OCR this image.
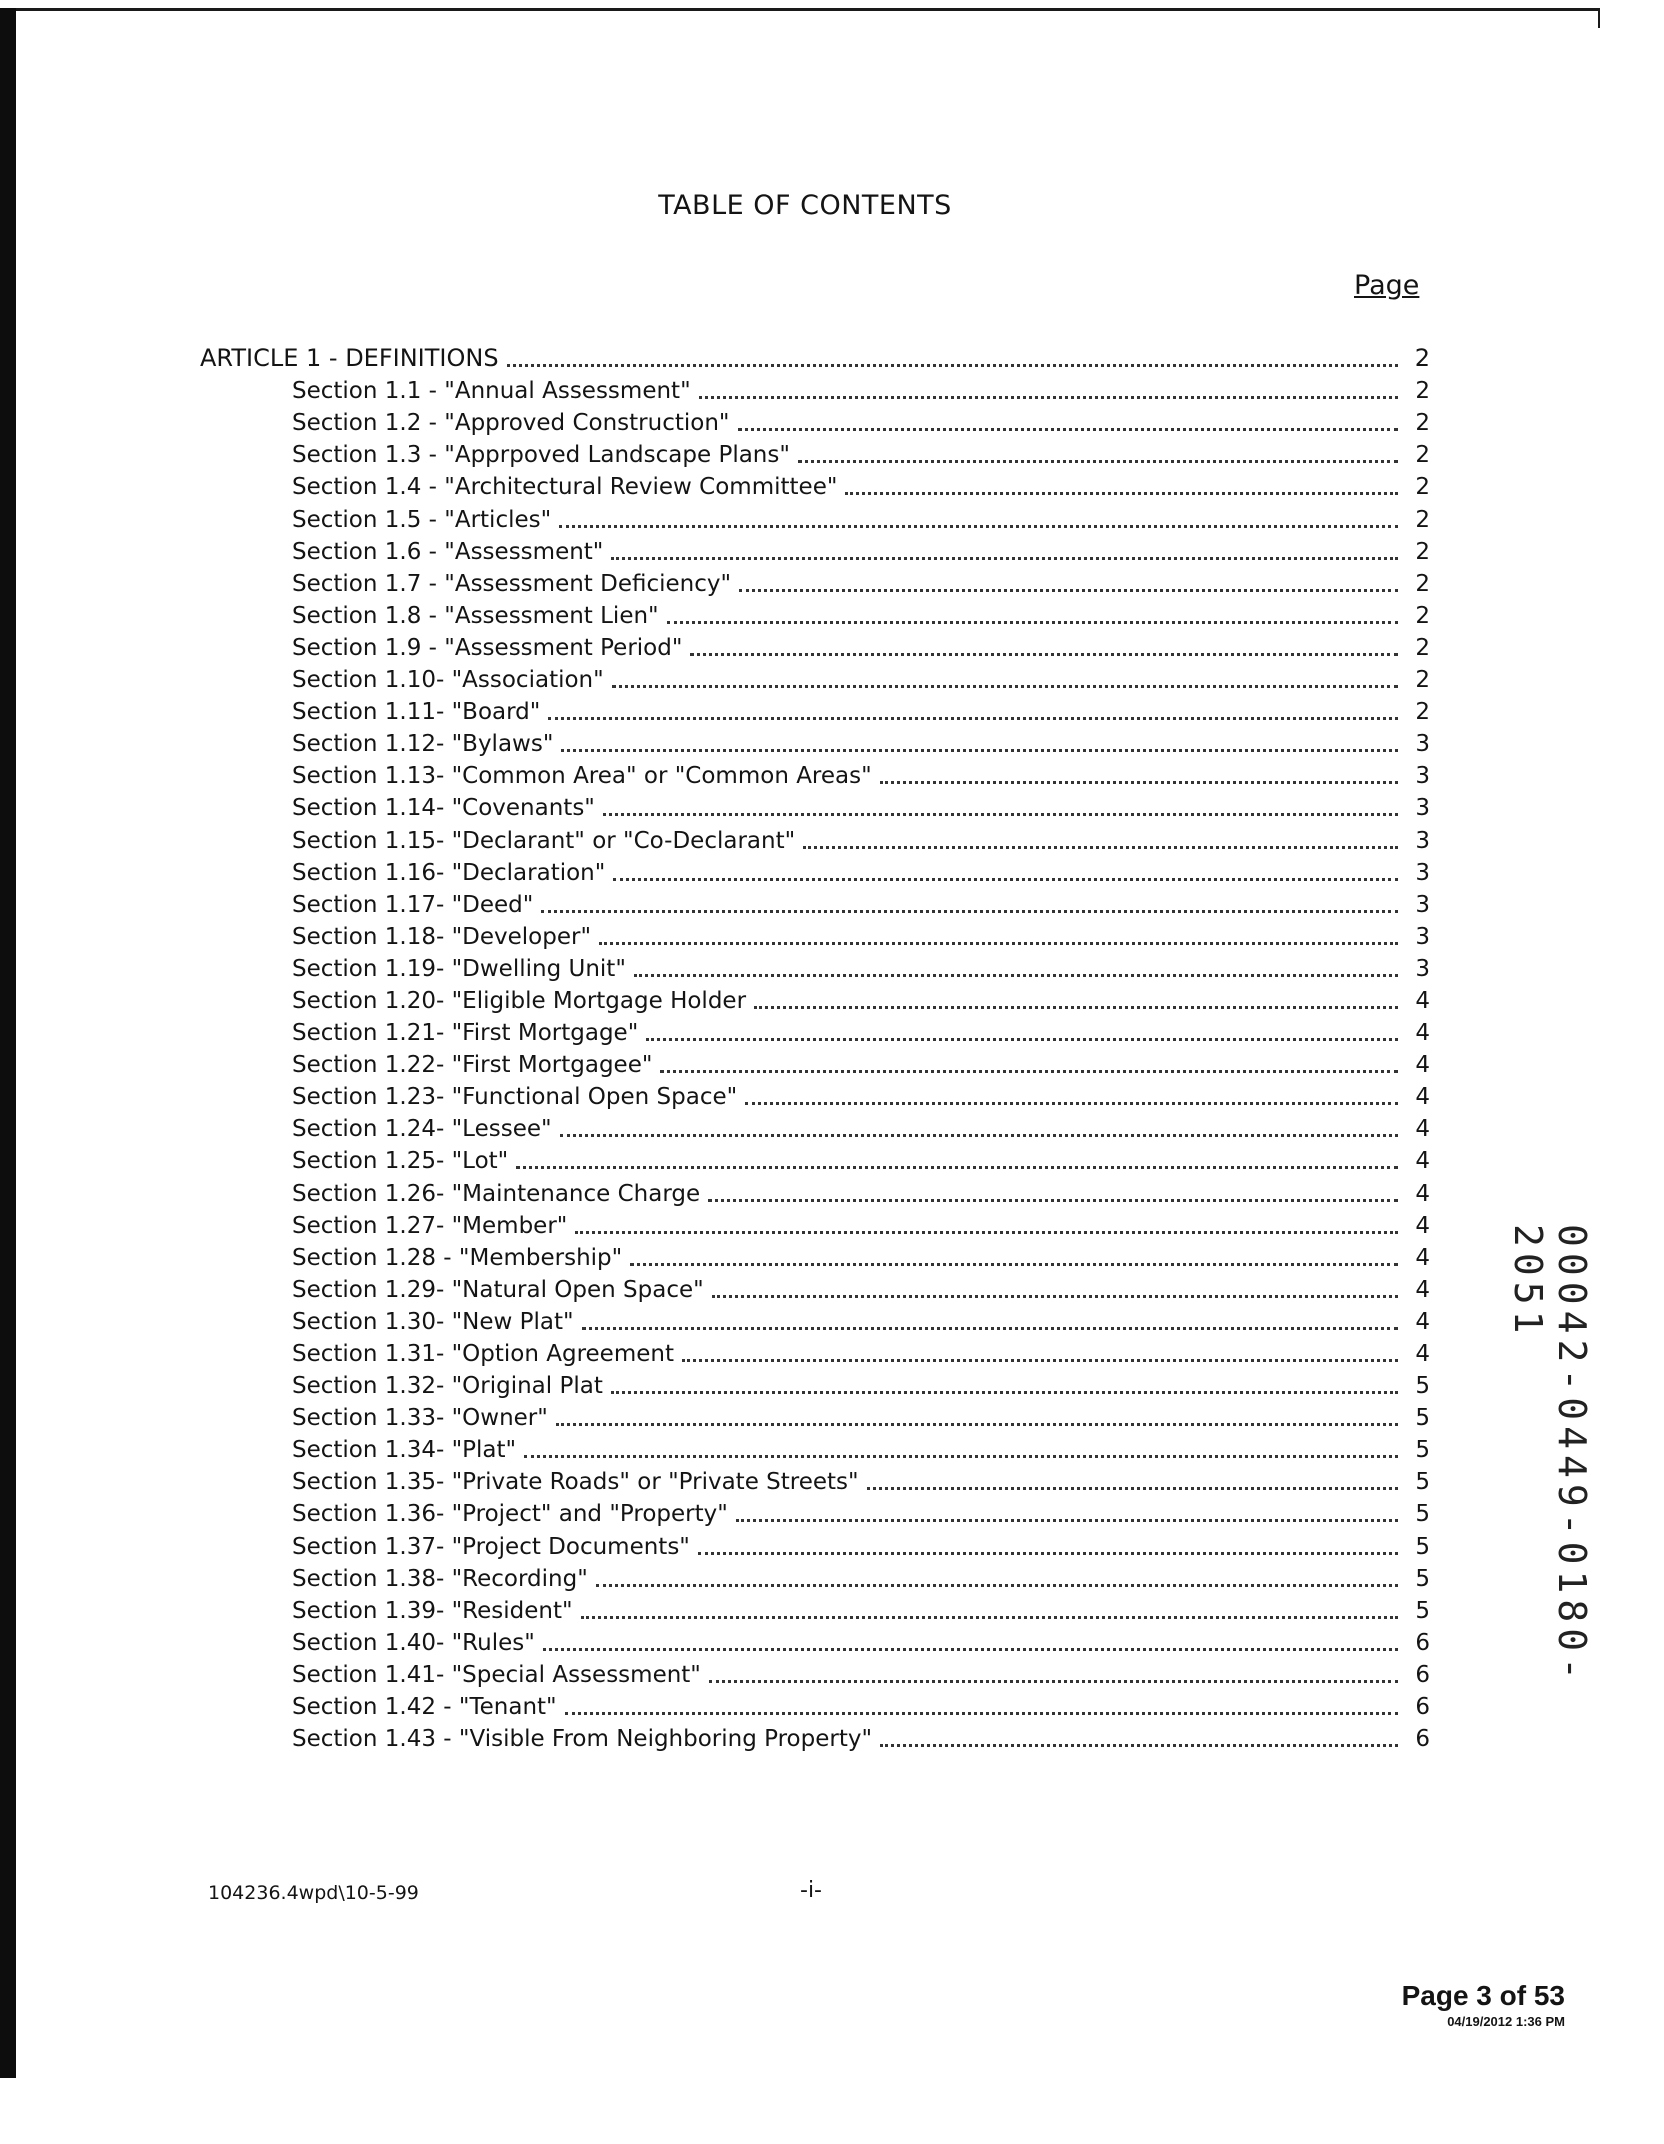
TABLE OF CONTENTS
Page
ARTICLE 1 - DEFINITIONS	2
Section 1.1 - "Annual Assessment"	2
Section 1.2 - "Approved Construction"	2
Section 1.3 - "Apprpoved Landscape Plans"	2
Section 1.4 - "Architectural Review Committee"	2
Section 1.5 - "Articles"	2
Section 1.6 - "Assessment"	2
Section 1.7 - "Assessment Deficiency"	2
Section 1.8 - "Assessment Lien"	2
Section 1.9 - "Assessment Period"	2
Section 1.10- "Association"	2
Section 1.11- "Board"	2
Section 1.12- "Bylaws"	3
Section 1.13- "Common Area" or "Common Areas"	3
Section 1.14- "Covenants"	3
Section 1.15- "Declarant" or "Co-Declarant"	3
Section 1.16- "Declaration"	3
Section 1.17- "Deed"	3
Section 1.18- "Developer"	3
Section 1.19- "Dwelling Unit"	3
Section 1.20- "Eligible Mortgage Holder	4
Section 1.21- "First Mortgage"	4
Section 1.22- "First Mortgagee"	4
Section 1.23- "Functional Open Space"	4
Section 1.24- "Lessee"	4
Section 1.25- "Lot"	4
Section 1.26- "Maintenance Charge	4
Section 1.27- "Member"	4
Section 1.28 - "Membership"	4
Section 1.29- "Natural Open Space"	4
Section 1.30- "New Plat"	4
Section 1.31- "Option Agreement	4
Section 1.32- "Original Plat	5
Section 1.33- "Owner"	5
Section 1.34- "Plat"	5
Section 1.35- "Private Roads" or "Private Streets"	5
Section 1.36- "Project" and "Property"	5
Section 1.37- "Project Documents"	5
Section 1.38- "Recording"	5
Section 1.39- "Resident"	5
Section 1.40- "Rules"	6
Section 1.41- "Special Assessment"	6
Section 1.42 - "Tenant"	6
Section 1.43 - "Visible From Neighboring Property"	6
104236.4wpd\10-5-99	-i-
00042-0449-0180-2051
Page 3 of 53
04/19/2012 1:36 PM
